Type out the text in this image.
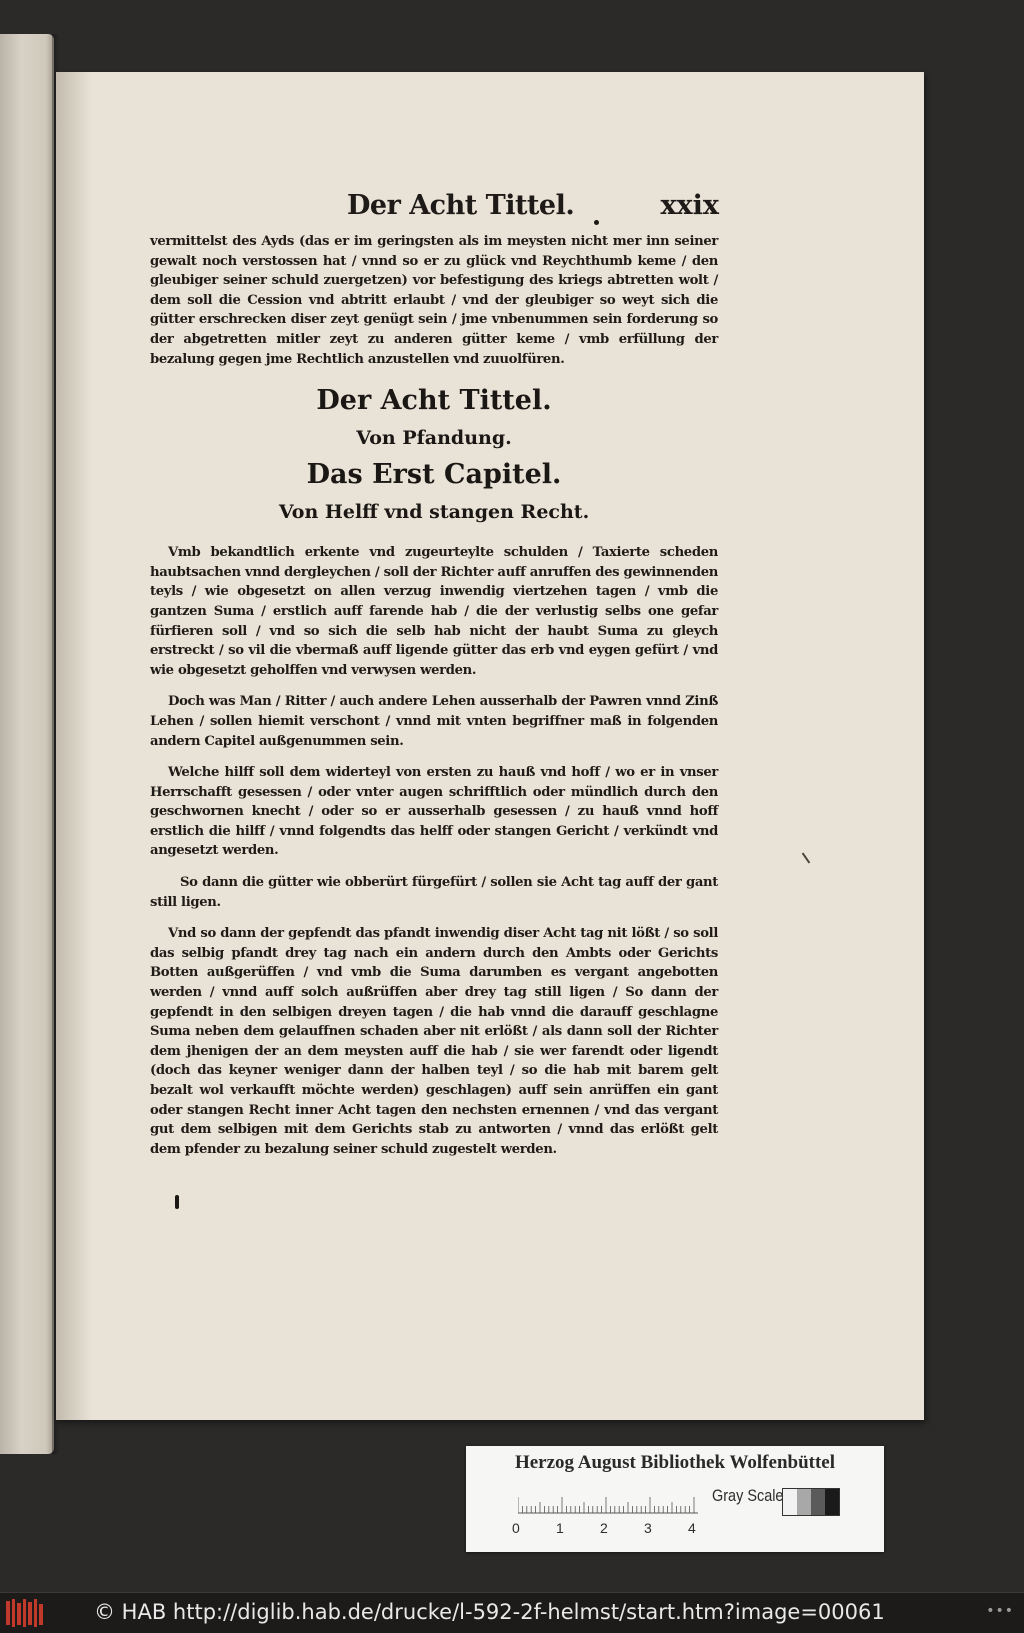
Der Acht Tittel.	xxix

vermittelst des Ayds (das er im geringsten als im meysten nicht mer inn seiner gewalt noch verstossen hat / vnnd so er zu glück vnd Reychthumb keme / den gleubiger seiner schuld zuergetzen) vor befestigung des kriegs abtretten wolt / dem soll die Cession vnd abtritt erlaubt / vnd der gleubiger so weyt sich die gütter erschrecken diser zeyt genügt sein / jme vnbenummen sein forderung so der abgetretten mitler zeyt zu anderen gütter keme / vmb erfüllung der bezalung gegen jme Rechtlich anzustellen vnd zuuolfüren.

Der Acht Tittel.
Von Pfandung.
Das Erst Capitel.
Von Helff vnd stangen Recht.

Vmb bekandtlich erkente vnd zugeurteylte schulden / Taxierte scheden haubtsachen vnnd dergleychen / soll der Richter auff anruffen des gewinnenden teyls / wie obgesetzt on allen verzug inwendig viertzehen tagen / vmb die gantzen Suma / erstlich auff farende hab / die der verlustig selbs one gefar fürfieren soll / vnd so sich die selb hab nicht der haubt Suma zu gleych erstreckt / so vil die vbermaß auff ligende gütter das erb vnd eygen gefürt / vnd wie obgesetzt geholffen vnd verwysen werden.

Doch was Man / Ritter / auch andere Lehen ausserhalb der Pawren vnnd Zinß Lehen / sollen hiemit verschont / vnnd mit vnten begriffner maß in folgenden andern Capitel außgenummen sein.

Welche hilff soll dem widerteyl von ersten zu hauß vnd hoff / wo er in vnser Herrschafft gesessen / oder vnter augen schrifftlich oder mündlich durch den geschwornen knecht / oder so er ausserhalb gesessen / zu hauß vnnd hoff erstlich die hilff / vnnd folgendts das helff oder stangen Gericht / verkündt vnd angesetzt werden.

So dann die gütter wie obberürt fürgefürt / sollen sie Acht tag auff der gant still ligen.

Vnd so dann der gepfendt das pfandt inwendig diser Acht tag nit lößt / so soll das selbig pfandt drey tag nach ein andern durch den Ambts oder Gerichts Botten außgerüffen / vnd vmb die Suma darumben es vergant angebotten werden / vnnd auff solch außrüffen aber drey tag still ligen / So dann der gepfendt in den selbigen dreyen tagen / die hab vnnd die darauff geschlagne Suma neben dem gelauffnen schaden aber nit erlößt / als dann soll der Richter dem jhenigen der an dem meysten auff die hab / sie wer farendt oder ligendt (doch das keyner weniger dann der halben teyl / so die hab mit barem gelt bezalt wol verkaufft möchte werden) geschlagen) auff sein anrüffen ein gant oder stangen Recht inner Acht tagen den nechsten ernennen / vnd das vergant gut dem selbigen mit dem Gerichts stab zu antworten / vnnd das erlößt gelt dem pfender zu bezalung seiner schuld zugestelt werden.

Herzog August Bibliothek Wolfenbüttel
Gray Scale
0	1	2	3	4
© HAB http://diglib.hab.de/drucke/l-592-2f-helmst/start.htm?image=00061	•••
